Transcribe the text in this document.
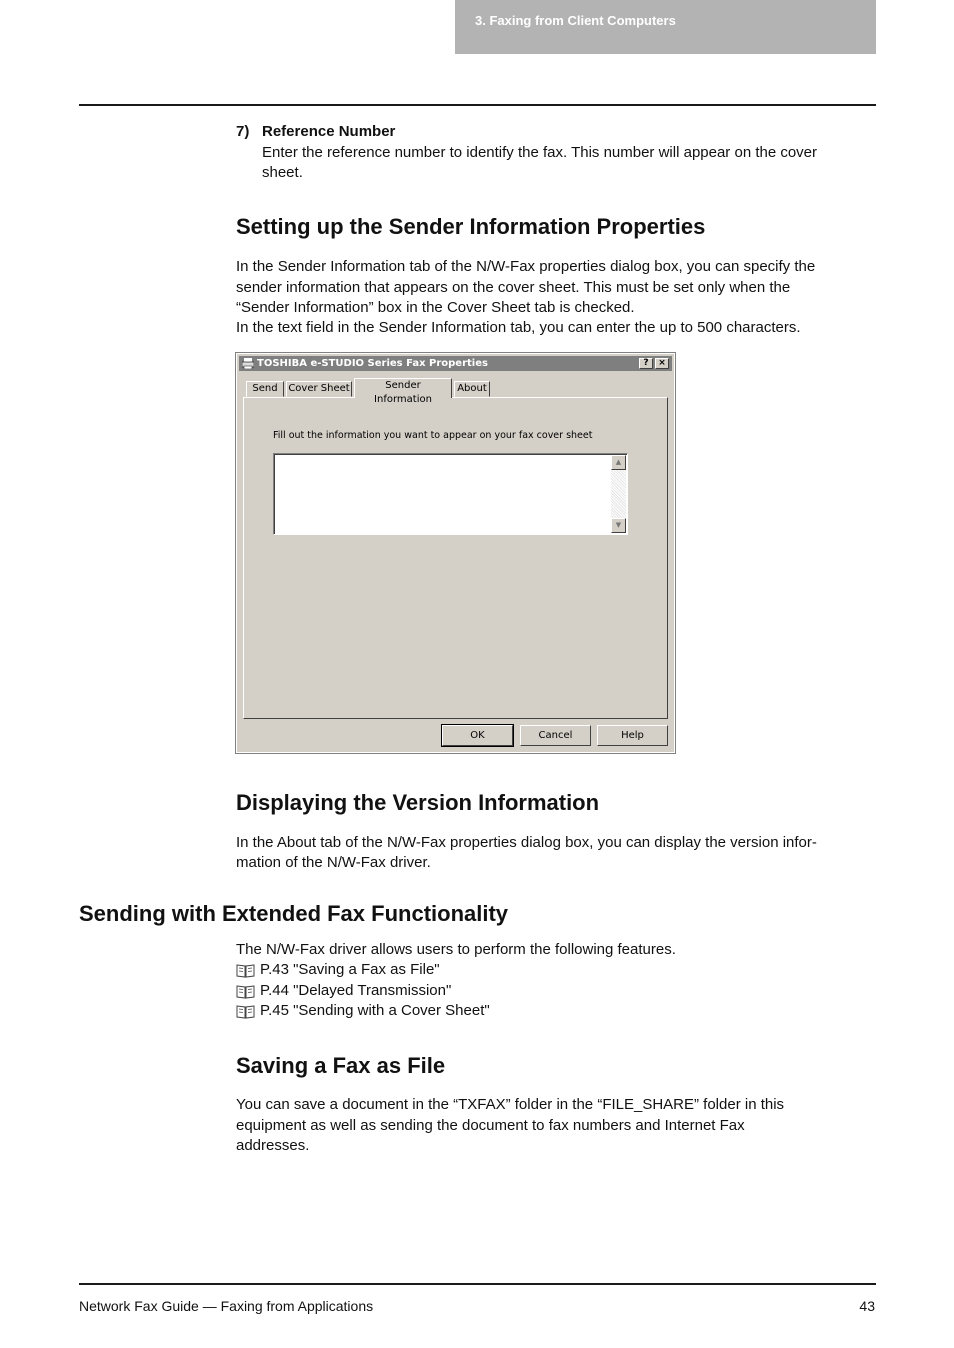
3. Faxing from Client Computers
7) Reference Number

Enter the reference number to identify the fax. This number will appear on the cover

sheet.

Setting up the Sender Information Properties

In the Sender Information tab of the N/W-Fax properties dialog box, you can specify the

sender information that appears on the cover sheet. This must be set only when the

“Sender Information” box in the Cover Sheet tab is checked.

In the text field in the Sender Information tab, you can enter the up to 500 characters.

TOSHIBA e-STUDIO Series Fax Properties	?	×
Send	Cover Sheet	Sender Information
About
Fill out the information you want to appear on your fax cover sheet
▲
▼
OK	Cancel	Help
Displaying the Version Information

In the About tab of the N/W-Fax properties dialog box, you can display the version infor-

mation of the N/W-Fax driver.

Sending with Extended Fax Functionality

The N/W-Fax driver allows users to perform the following features.

P.43 "Saving a Fax as File"
P.44 "Delayed Transmission"
P.45 "Sending with a Cover Sheet"
Saving a Fax as File

You can save a document in the “TXFAX” folder in the “FILE_SHARE” folder in this

equipment as well as sending the document to fax numbers and Internet Fax

addresses.

Network Fax Guide — Faxing from Applications	43
